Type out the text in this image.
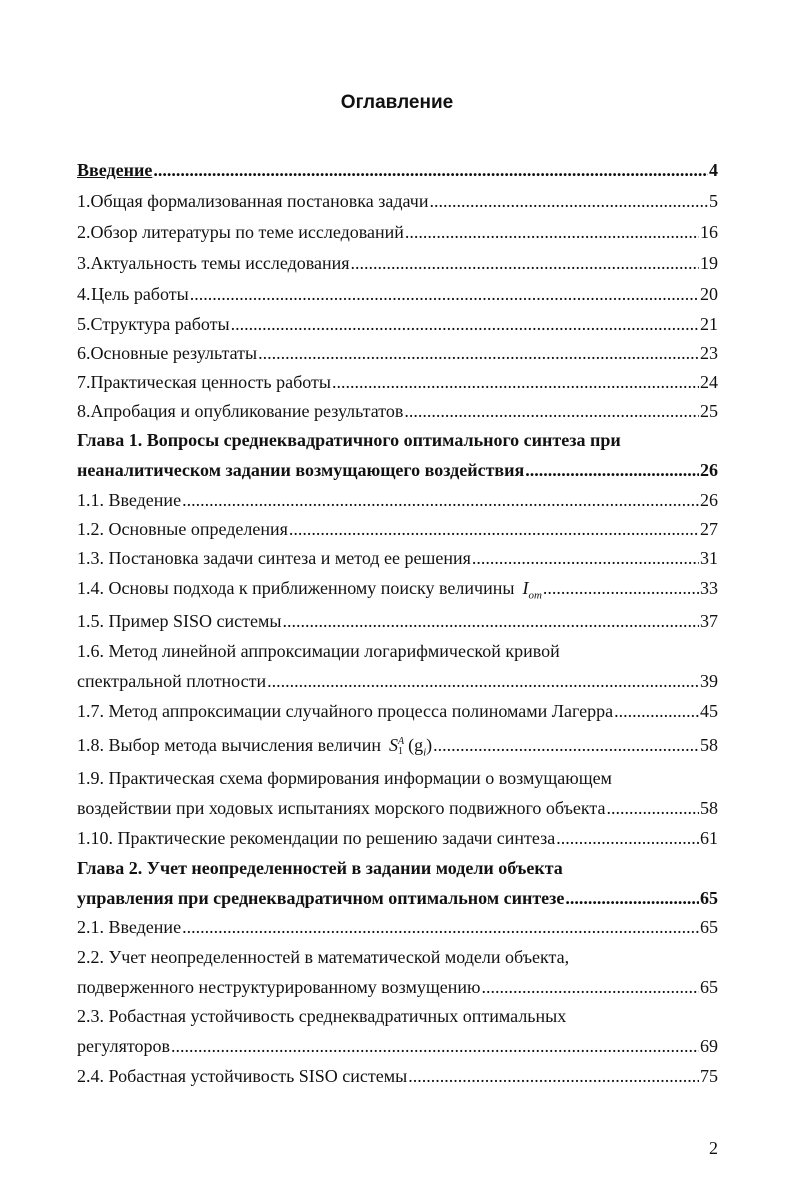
Оглавление
Введение .....	4
1. Общая формализованная постановка задачи .....	5
2. Обзор литературы по теме исследований .....	16
3. Актуальность темы исследования .....	19
4. Цель работы .....	20
5. Структура работы .....	21
6. Основные результаты .....	23
7. Практическая ценность работы .....	24
8. Апробация и опубликование результатов .....	25
Глава 1. Вопросы среднеквадратичного оптимального синтеза при
неаналитическом задании возмущающего воздействия .....	26
1.1. Введение .....	26
1.2. Основные определения .....	27
1.3. Постановка задачи синтеза и метод ее решения .....	31
1.4. Основы подхода к приближенному поиску величины $I_{от}$ .....	33
1.5. Пример SISO системы .....	37
1.6. Метод линейной аппроксимации логарифмической кривой
спектральной плотности .....	39
1.7. Метод аппроксимации случайного процесса полиномами Лагерра .....	45
1.8. Выбор метода вычисления величин S A
1 $(g_i)$ .....	58
1.9. Практическая схема формирования информации о возмущающем
воздействии при ходовых испытаниях морского подвижного объекта .....	58
1.10. Практические рекомендации по решению задачи синтеза .....	61
Глава 2. Учет неопределенностей в задании модели объекта
управления при среднеквадратичном оптимальном синтезе .....	65
2.1. Введение .....	65
2.2. Учет неопределенностей в математической модели объекта,
подверженного неструктурированному возмущению .....	65
2.3. Робастная устойчивость среднеквадратичных оптимальных
регуляторов .....	69
2.4. Робастная устойчивость SISO системы .....	75
2
